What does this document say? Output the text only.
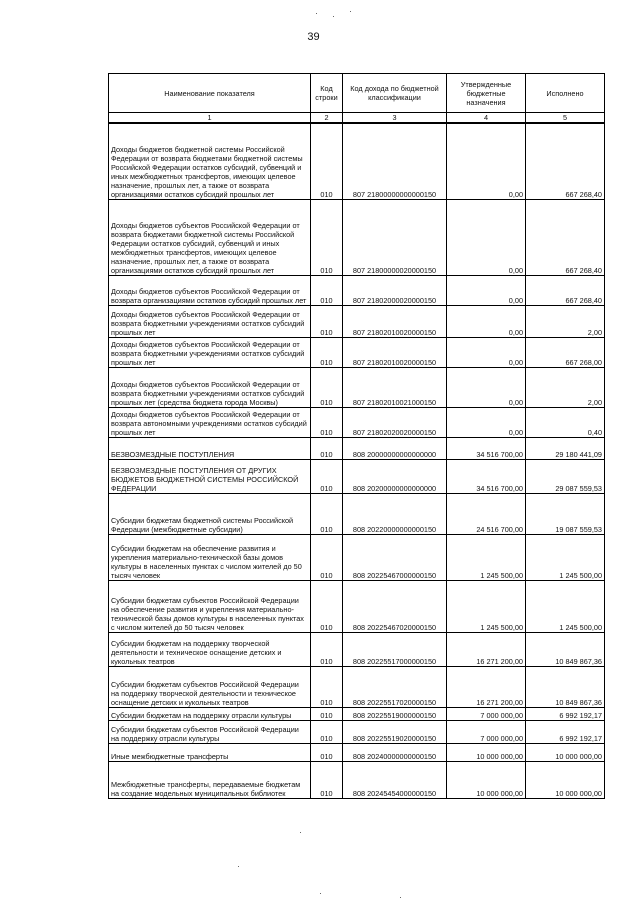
39
Наименование показателя	Код строки	Код дохода по бюджетной классификации	Утвержденные бюджетные назначения	Исполнено
1	2	3	4	5
Доходы бюджетов бюджетной системы Российской Федерации от возврата бюджетами бюджетной системы Российской Федерации остатков субсидий, субвенций и иных межбюджетных трансфертов, имеющих целевое назначение, прошлых лет, а также от возврата организациями остатков субсидий прошлых лет	010	807 21800000000000150	0,00	667 268,40
Доходы бюджетов субъектов Российской Федерации от возврата бюджетами бюджетной системы Российской Федерации остатков субсидий, субвенций и иных межбюджетных трансфертов, имеющих целевое назначение, прошлых лет, а также от возврата организациями остатков субсидий прошлых лет	010	807 21800000020000150	0,00	667 268,40
Доходы бюджетов субъектов Российской Федерации от возврата организациями остатков субсидий прошлых лет	010	807 21802000020000150	0,00	667 268,40
Доходы бюджетов субъектов Российской Федерации от возврата бюджетными учреждениями остатков субсидий прошлых лет	010	807 21802010020000150	0,00	2,00
Доходы бюджетов субъектов Российской Федерации от возврата бюджетными учреждениями остатков субсидий прошлых лет	010	807 21802010020000150	0,00	667 268,00
Доходы бюджетов субъектов Российской Федерации от возврата бюджетными учреждениями остатков субсидий прошлых лет (средства бюджета города Москвы)	010	807 21802010021000150	0,00	2,00
Доходы бюджетов субъектов Российской Федерации от возврата автономными учреждениями остатков субсидий прошлых лет	010	807 21802020020000150	0,00	0,40
БЕЗВОЗМЕЗДНЫЕ ПОСТУПЛЕНИЯ	010	808 20000000000000000	34 516 700,00	29 180 441,09
БЕЗВОЗМЕЗДНЫЕ ПОСТУПЛЕНИЯ ОТ ДРУГИХ БЮДЖЕТОВ БЮДЖЕТНОЙ СИСТЕМЫ РОССИЙСКОЙ ФЕДЕРАЦИИ	010	808 20200000000000000	34 516 700,00	29 087 559,53
Субсидии бюджетам бюджетной системы Российской Федерации (межбюджетные субсидии)	010	808 20220000000000150	24 516 700,00	19 087 559,53
Субсидии бюджетам на обеспечение развития и укрепления материально-технической базы домов культуры в населенных пунктах с числом жителей до 50 тысяч человек	010	808 20225467000000150	1 245 500,00	1 245 500,00
Субсидии бюджетам субъектов Российской Федерации на обеспечение развития и укрепления материально-технической базы домов культуры в населенных пунктах с числом жителей до 50 тысяч человек	010	808 20225467020000150	1 245 500,00	1 245 500,00
Субсидии бюджетам на поддержку творческой деятельности и техническое оснащение детских и кукольных театров	010	808 20225517000000150	16 271 200,00	10 849 867,36
Субсидии бюджетам субъектов Российской Федерации на поддержку творческой деятельности и техническое оснащение детских и кукольных театров	010	808 20225517020000150	16 271 200,00	10 849 867,36
Субсидии бюджетам на поддержку отрасли культуры	010	808 20225519000000150	7 000 000,00	6 992 192,17
Субсидии бюджетам субъектов Российской Федерации на поддержку отрасли культуры	010	808 20225519020000150	7 000 000,00	6 992 192,17
Иные межбюджетные трансферты	010	808 20240000000000150	10 000 000,00	10 000 000,00
Межбюджетные трансферты, передаваемые бюджетам на создание модельных муниципальных библиотек	010	808 20245454000000150	10 000 000,00	10 000 000,00
